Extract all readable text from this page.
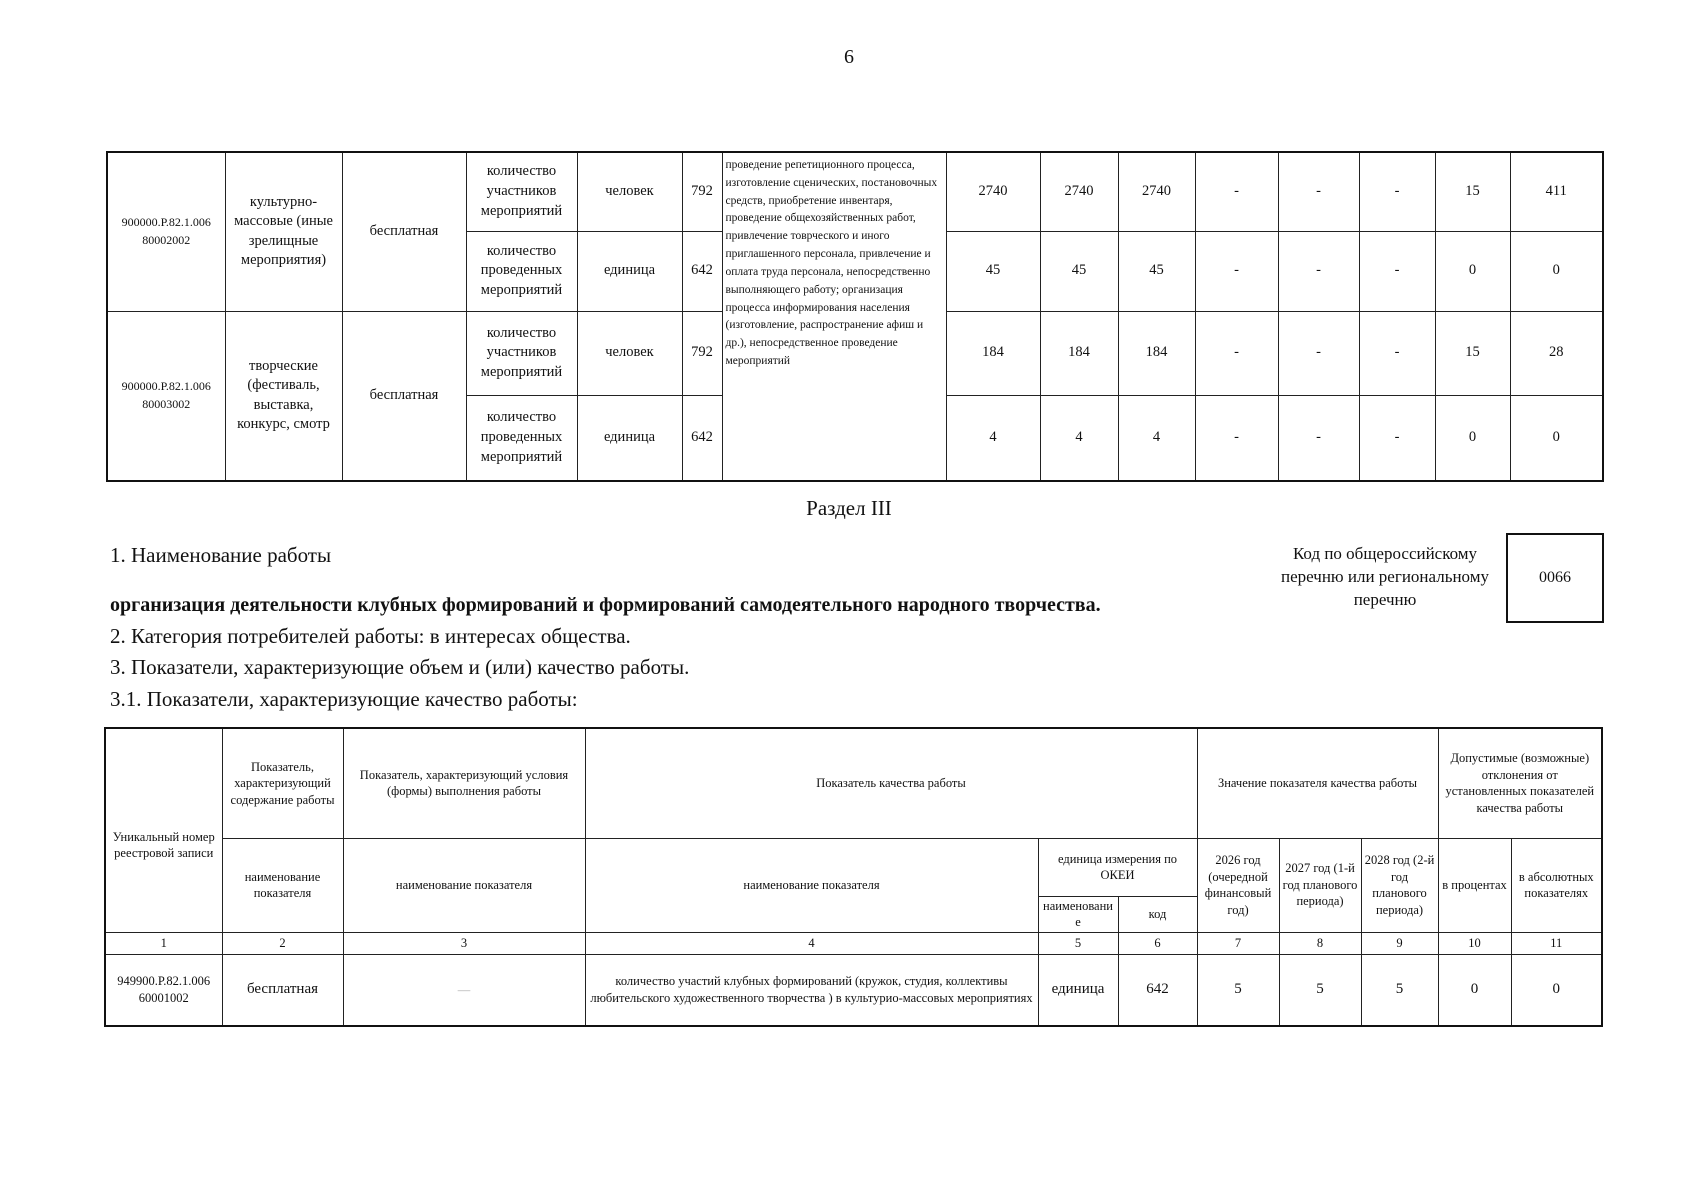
6
900000.Р.82.1.006 80002002	культурно-массовые (иные зрелищные мероприятия)	бесплатная	количество участников мероприятий	человек	792	проведение репетиционного процесса, изготовление сценических, постановочных средств, приобретение инвентаря, проведение общехозяйственных работ, привлечение товрческого и иного приглашенного персонала, привлечение и оплата труда персонала, непосредственно выполняющего работу; организация процесса информирования населения (изготовление, распространение афиш и др.), непосредственное проведение мероприятий	2740	2740	2740	-	-	-	15	411
			количество проведенных мероприятий	единица	642		45	45	45	-	-	-	0	0
900000.Р.82.1.006 80003002	творческие (фестиваль, выставка, конкурс, смотр	бесплатная	количество участников мероприятий	человек	792		184	184	184	-	-	-	15	28
			количество проведенных мероприятий	единица	642		4	4	4	-	-	-	0	0
Раздел III
1. Наименование работы	Код по общероссийскому перечню или региональному перечню
0066
организация деятельности клубных формирований и формирований самодеятельного народного творчества.
2. Категория потребителей работы: в интересах общества.
3. Показатели, характеризующие объем и (или) качество работы.
3.1. Показатели, характеризующие качество работы:
Уникальный номер реестровой записи	Показатель, характеризующий содержание работы	Показатель, характеризующий условия (формы) выполнения работы	Показатель качества работы			Значение показателя качества работы			Допустимые (возможные) отклонения от установленных показателей качества работы	
	наименование показателя	наименование показателя	наименование показателя	единица измерения по ОКЕИ		2026 год (очередной финансовый год)	2027 год (1-й год планового периода)	2028 год (2-й год планового периода)	в процентах	в абсолютных показателях
				наименование	код					
1	2	3	4	5	6	7	8	9	10	11
949900.Р.82.1.006 60001002	бесплатная	—	количество участий клубных формирований (кружок, студия, коллективы любительского художественного творчества ) в культурио-массовых мероприятиях	единица	642	5	5	5	0	0
